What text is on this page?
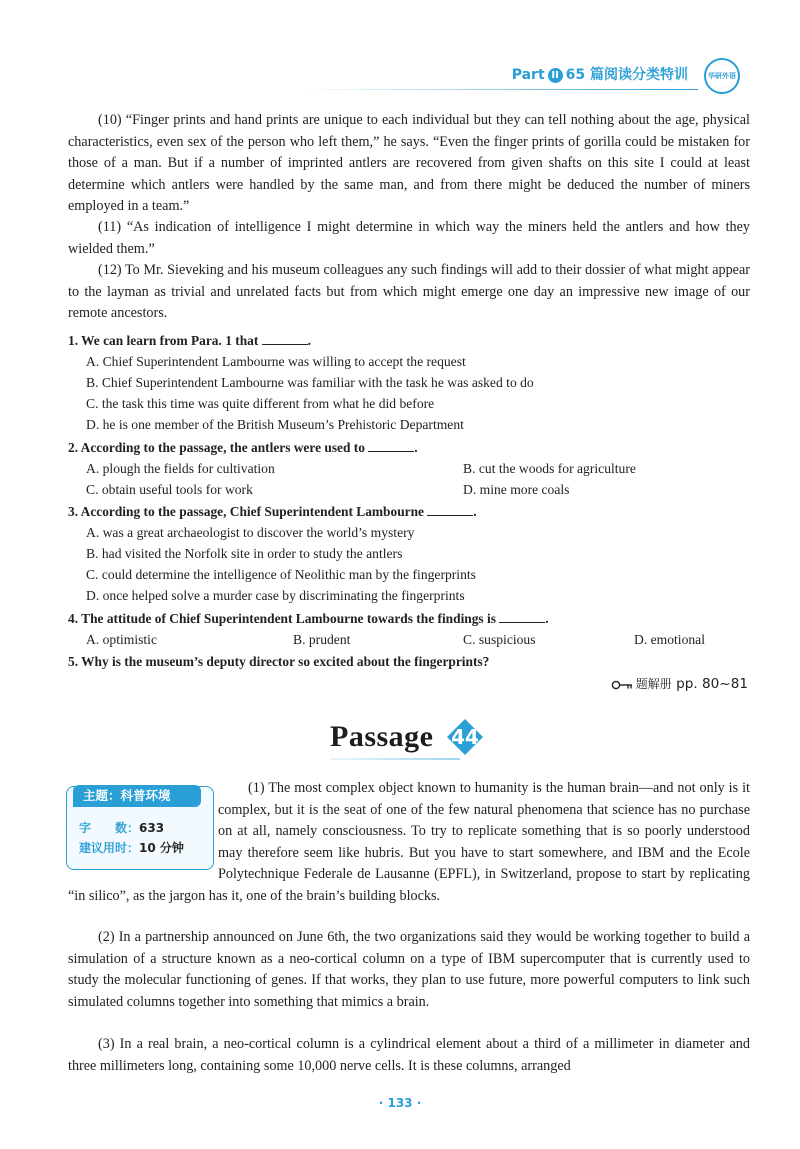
Part II 65 篇阅读分类特训	华研外语

(10) “Finger prints and hand prints are unique to each individual but they can tell nothing about the age, physical characteristics, even sex of the person who left them,” he says. “Even the finger prints of gorilla could be mistaken for those of a man. But if a number of imprinted antlers are recovered from given shafts on this site I could at least determine which antlers were handled by the same man, and from there might be deduced the number of miners employed in a team.”

(11) “As indication of intelligence I might determine in which way the miners held the antlers and how they wielded them.”

(12) To Mr. Sieveking and his museum colleagues any such findings will add to their dossier of what might appear to the layman as trivial and unrelated facts but from which might emerge one day an impressive new image of our remote ancestors.

1. We can learn from Para. 1 that	.
A. Chief Superintendent Lambourne was willing to accept the request
B. Chief Superintendent Lambourne was familiar with the task he was asked to do
C. the task this time was quite different from what he did before
D. he is one member of the British Museum’s Prehistoric Department
2. According to the passage, the antlers were used to	.
A. plough the fields for cultivation	B. cut the woods for agriculture
C. obtain useful tools for work	D. mine more coals
3. According to the passage, Chief Superintendent Lambourne	.
A. was a great archaeologist to discover the world’s mystery
B. had visited the Norfolk site in order to study the antlers
C. could determine the intelligence of Neolithic man by the fingerprints
D. once helped solve a murder case by discriminating the fingerprints
4. The attitude of Chief Superintendent Lambourne towards the findings is	.
A. optimistic	B. prudent	C. suspicious	D. emotional
5. Why is the museum’s deputy director so excited about the fingerprints?
题解册 pp. 80~81
Passage 44
主题：科普环境
字　　数：633
建议用时：10 分钟
(1) The most complex object known to humanity is the human brain—and not only is it complex, but it is the seat of one of the few natural phenomena that science has no purchase on at all, namely consciousness. To try to replicate something that is so poorly understood may therefore seem like hubris. But you have to start somewhere, and IBM and the Ecole Polytechnique Federale de Lausanne (EPFL), in Switzerland, propose to start by replicating “in silico”, as the jargon has it, one of the brain’s building blocks.

(2) In a partnership announced on June 6th, the two organizations said they would be working together to build a simulation of a structure known as a neo-cortical column on a type of IBM supercomputer that is currently used to study the molecular functioning of genes. If that works, they plan to use future, more powerful computers to link such simulated columns together into something that mimics a brain.

(3) In a real brain, a neo-cortical column is a cylindrical element about a third of a millimeter in diameter and three millimeters long, containing some 10,000 nerve cells. It is these columns, arranged

· 133 ·
